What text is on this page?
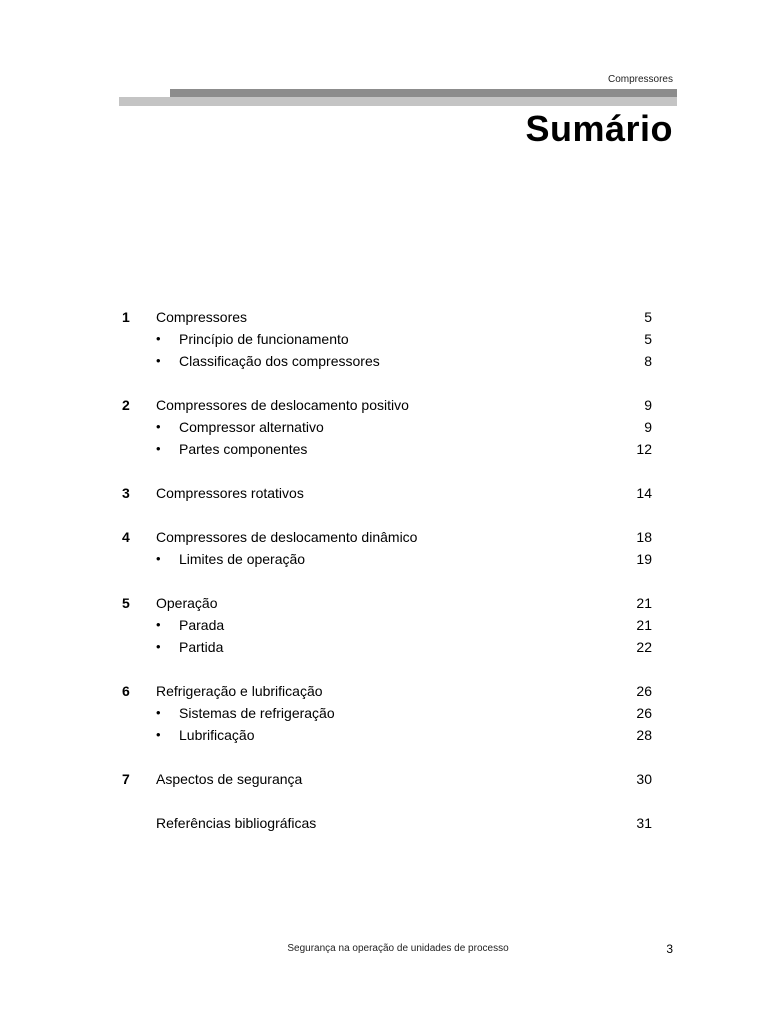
Compressores
Sumário
1 Compressores	5
• Princípio de funcionamento	5
• Classificação dos compressores	8
2 Compressores de deslocamento positivo	9
• Compressor alternativo	9
• Partes componentes	12
3 Compressores rotativos	14
4 Compressores de deslocamento dinâmico	18
• Limites de operação	19
5 Operação	21
• Parada	21
• Partida	22
6 Refrigeração e lubrificação	26
• Sistemas de refrigeração	26
• Lubrificação	28
7 Aspectos de segurança	30
Referências bibliográficas	31
Segurança na operação de unidades de processo	3
